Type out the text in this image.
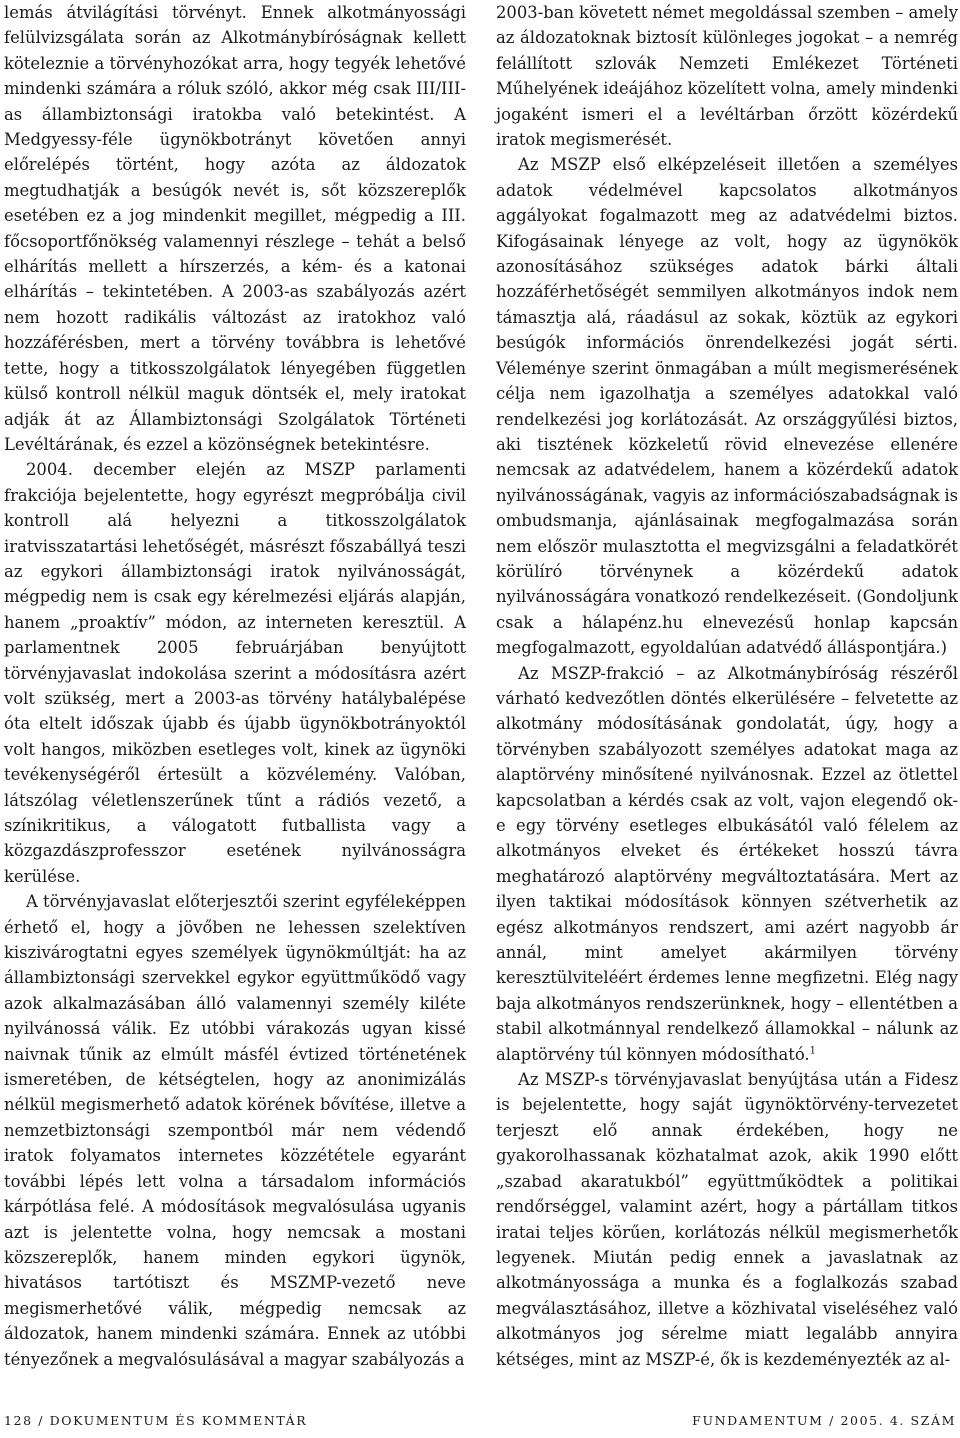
lemás átvilágítási törvényt. Ennek alkotmányossági felülvizsgálata során az Alkotmánybíróságnak kellett köteleznie a törvényhozókat arra, hogy tegyék lehetővé mindenki számára a róluk szóló, akkor még csak III/III-as állambiztonsági iratokba való betekintést. A Medgyessy-féle ügynökbotrányt követően annyi előrelépés történt, hogy azóta az áldozatok megtudhatják a besúgók nevét is, sőt közszereplők esetében ez a jog mindenkit megillet, mégpedig a III. főcsoportfőnökség valamennyi részlege – tehát a belső elhárítás mellett a hírszerzés, a kém- és a katonai elhárítás – tekintetében. A 2003-as szabályozás azért nem hozott radikális változást az iratokhoz való hozzáférésben, mert a törvény továbbra is lehetővé tette, hogy a titkosszolgálatok lényegében független külső kontroll nélkül maguk döntsék el, mely iratokat adják át az Állambiztonsági Szolgálatok Történeti Levéltárának, és ezzel a közönségnek betekintésre.

2004. december elején az MSZP parlamenti frakciója bejelentette, hogy egyrészt megpróbálja civil kontroll alá helyezni a titkosszolgálatok iratvisszatartási lehetőségét, másrészt főszabállyá teszi az egykori állambiztonsági iratok nyilvánosságát, mégpedig nem is csak egy kérelmezési eljárás alapján, hanem „proaktív” módon, az interneten keresztül. A parlamentnek 2005 februárjában benyújtott törvényjavaslat indokolása szerint a módosításra azért volt szükség, mert a 2003-as törvény hatálybalépése óta eltelt időszak újabb és újabb ügynökbotrányoktól volt hangos, miközben esetleges volt, kinek az ügynöki tevékenységéről értesült a közvélemény. Valóban, látszólag véletlenszerűnek tűnt a rádiós vezető, a színikritikus, a válogatott futballista vagy a közgazdászprofesszor esetének nyilvánosságra kerülése.

A törvényjavaslat előterjesztői szerint egyféleképpen érhető el, hogy a jövőben ne lehessen szelektíven kiszivárogtatni egyes személyek ügynökmúltját: ha az állambiztonsági szervekkel egykor együttműködő vagy azok alkalmazásában álló valamennyi személy kiléte nyilvánossá válik. Ez utóbbi várakozás ugyan kissé naivnak tűnik az elmúlt másfél évtized történetének ismeretében, de kétségtelen, hogy az anonimizálás nélkül megismerhető adatok körének bővítése, illetve a nemzetbiztonsági szempontból már nem védendő iratok folyamatos internetes közzététele egyaránt további lépés lett volna a társadalom információs kárpótlása felé. A módosítások megvalósulása ugyanis azt is jelentette volna, hogy nemcsak a mostani közszereplők, hanem minden egykori ügynök, hivatásos tartótiszt és MSZMP-vezető neve megismerhetővé válik, mégpedig nemcsak az áldozatok, hanem mindenki számára. Ennek az utóbbi tényezőnek a megvalósulásával a magyar szabályozás a

2003-ban követett német megoldással szemben – amely az áldozatoknak biztosít különleges jogokat – a nemrég felállított szlovák Nemzeti Emlékezet Történeti Műhelyének ideájához közelített volna, amely mindenki jogaként ismeri el a levéltárban őrzött közérdekű iratok megismerését.

Az MSZP első elképzeléseit illetően a személyes adatok védelmével kapcsolatos alkotmányos aggályokat fogalmazott meg az adatvédelmi biztos. Kifogásainak lényege az volt, hogy az ügynökök azonosításához szükséges adatok bárki általi hozzáférhetőségét semmilyen alkotmányos indok nem támasztja alá, ráadásul az sokak, köztük az egykori besúgók információs önrendelkezési jogát sérti. Véleménye szerint önmagában a múlt megismerésének célja nem igazolhatja a személyes adatokkal való rendelkezési jog korlátozását. Az országgyűlési biztos, aki tisztének közkeletű rövid elnevezése ellenére nemcsak az adatvédelem, hanem a közérdekű adatok nyilvánosságának, vagyis az információszabadságnak is ombudsmanja, ajánlásainak megfogalmazása során nem először mulasztotta el megvizsgálni a feladatkörét körülíró törvénynek a közérdekű adatok nyilvánosságára vonatkozó rendelkezéseit. (Gondoljunk csak a hálapénz.hu elnevezésű honlap kapcsán megfogalmazott, egyoldalúan adatvédő álláspontjára.)

Az MSZP-frakció – az Alkotmánybíróság részéről várható kedvezőtlen döntés elkerülésére – felvetette az alkotmány módosításának gondolatát, úgy, hogy a törvényben szabályozott személyes adatokat maga az alaptörvény minősítené nyilvánosnak. Ezzel az ötlettel kapcsolatban a kérdés csak az volt, vajon elegendő ok-e egy törvény esetleges elbukásától való félelem az alkotmányos elveket és értékeket hosszú távra meghatározó alaptörvény megváltoztatására. Mert az ilyen taktikai módosítások könnyen szétverhetik az egész alkotmányos rendszert, ami azért nagyobb ár annál, mint amelyet akármilyen törvény keresztülviteléért érdemes lenne megfizetni. Elég nagy baja alkotmányos rendszerünknek, hogy – ellentétben a stabil alkotmánnyal rendelkező államokkal – nálunk az alaptörvény túl könnyen módosítható.$^1$

Az MSZP-s törvényjavaslat benyújtása után a Fidesz is bejelentette, hogy saját ügynöktörvény-tervezetet terjeszt elő annak érdekében, hogy ne gyakorolhassanak közhatalmat azok, akik 1990 előtt „szabad akaratukból” együttműködtek a politikai rendőrséggel, valamint azért, hogy a pártállam titkos iratai teljes körűen, korlátozás nélkül megismerhetők legyenek. Miután pedig ennek a javaslatnak az alkotmányossága a munka és a foglalkozás szabad megválasztásához, illetve a közhivatal viseléséhez való alkotmányos jog sérelme miatt legalább annyira kétséges, mint az MSZP-é, ők is kezdeményezték az al-

128 / DOKUMENTUM ÉS KOMMENTÁR	FUNDAMENTUM / 2005. 4. SZÁM
